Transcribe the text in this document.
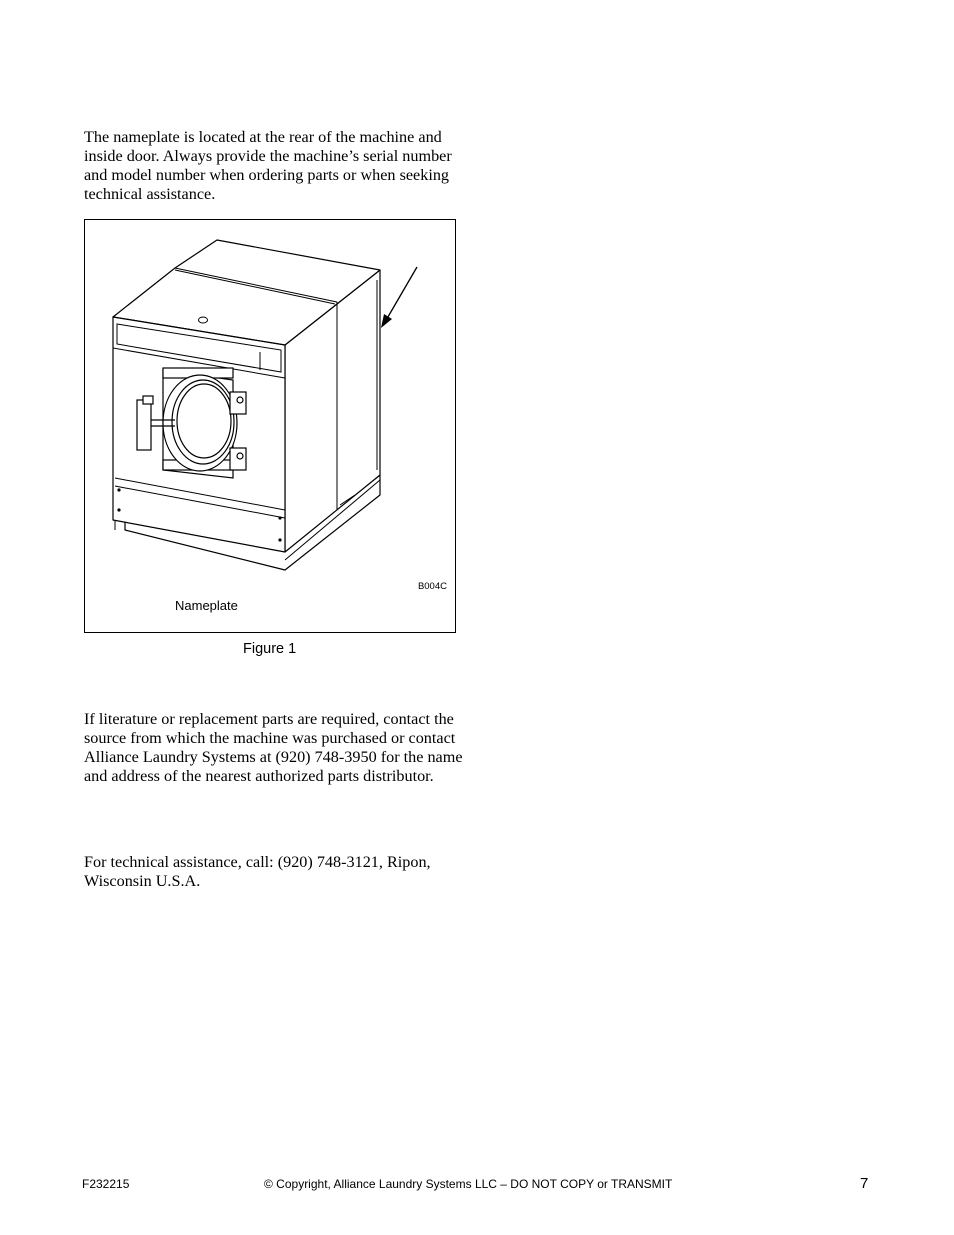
The nameplate is located at the rear of the machine and inside door. Always provide the machine’s serial number and model number when ordering parts or when seeking technical assistance.

B004C
Nameplate
Figure 1

If literature or replacement parts are required, contact the source from which the machine was purchased or contact Alliance Laundry Systems at (920) 748-3950 for the name and address of the nearest authorized parts distributor.

For technical assistance, call: (920) 748-3121, Ripon, Wisconsin U.S.A.

F232215	© Copyright, Alliance Laundry Systems LLC – DO NOT COPY or TRANSMIT	7
